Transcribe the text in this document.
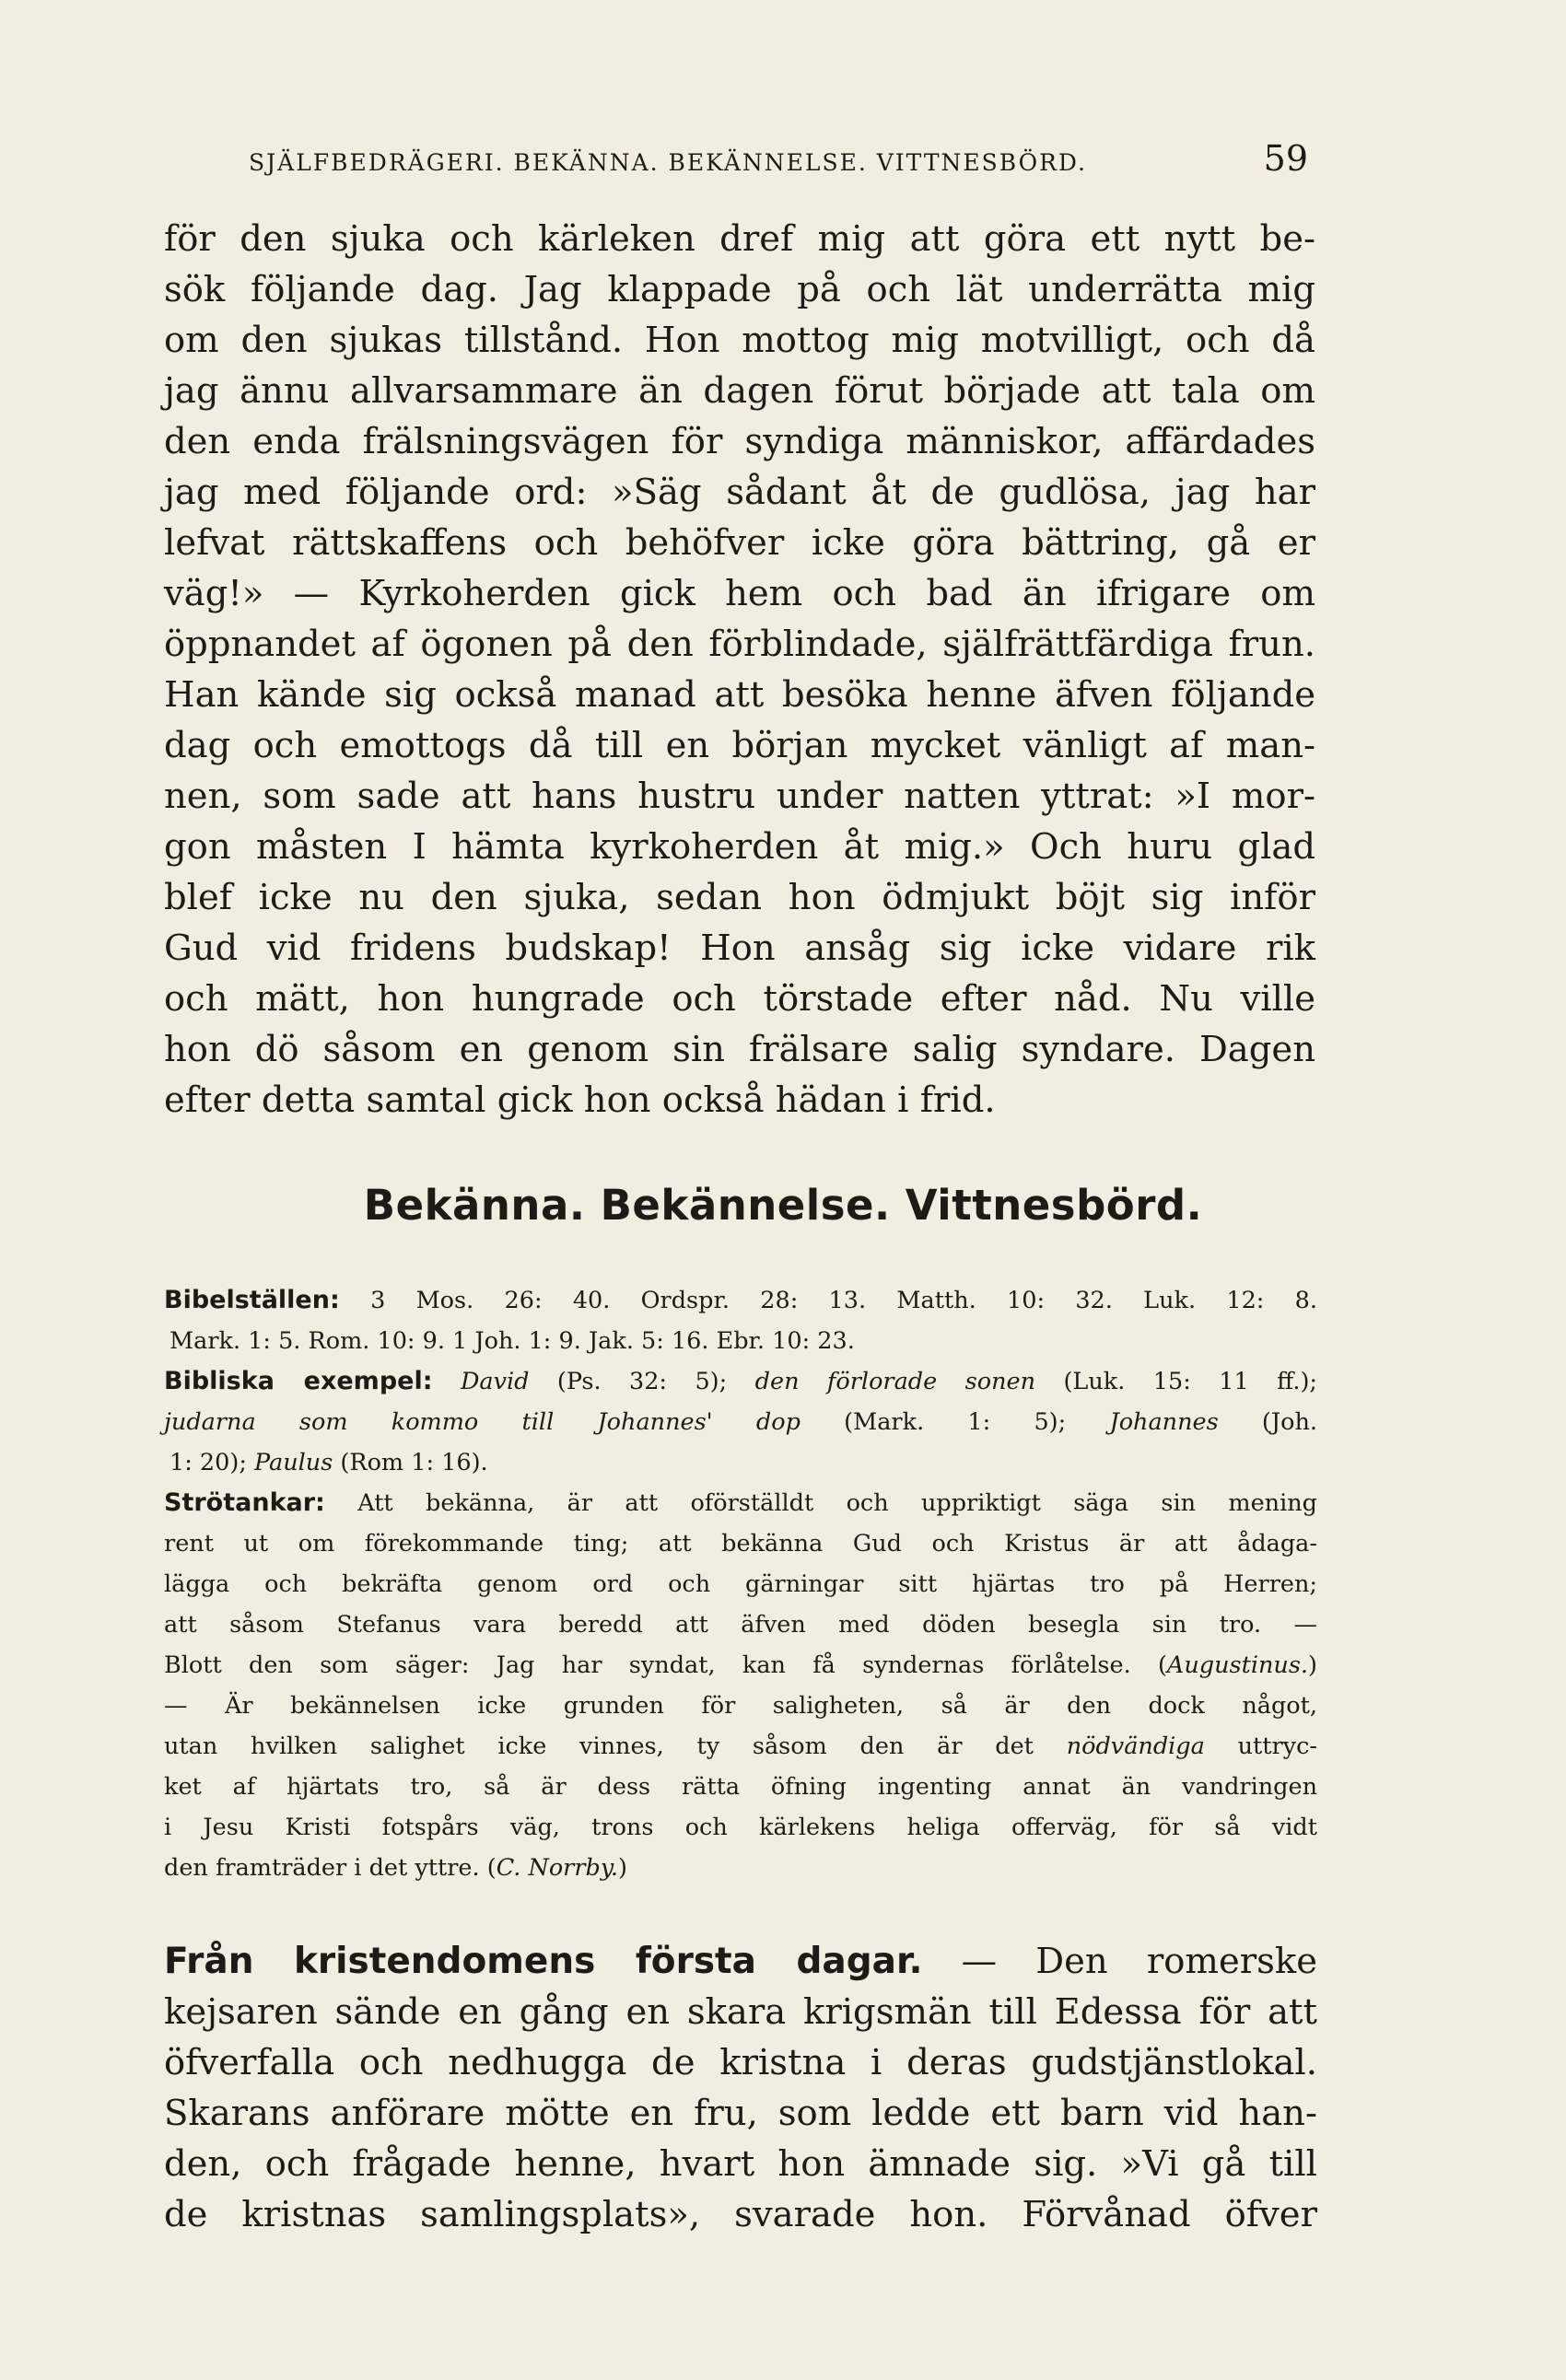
SJÄLFBEDRÄGERI. BEKÄNNA. BEKÄNNELSE. VITTNESBÖRD.	59
för den sjuka och kärleken dref mig att göra ett nytt be-
sök följande dag. Jag klappade på och lät underrätta mig
om den sjukas tillstånd. Hon mottog mig motvilligt, och då
jag ännu allvarsammare än dagen förut började att tala om
den enda frälsningsvägen för syndiga människor, affärdades
jag med följande ord: »Säg sådant åt de gudlösa, jag har
lefvat rättskaffens och behöfver icke göra bättring, gå er
väg!» — Kyrkoherden gick hem och bad än ifrigare om
öppnandet af ögonen på den förblindade, själfrättfärdiga frun.
Han kände sig också manad att besöka henne äfven följande
dag och emottogs då till en början mycket vänligt af man-
nen, som sade att hans hustru under natten yttrat: »I mor-
gon måsten I hämta kyrkoherden åt mig.» Och huru glad
blef icke nu den sjuka, sedan hon ödmjukt böjt sig inför
Gud vid fridens budskap! Hon ansåg sig icke vidare rik
och mätt, hon hungrade och törstade efter nåd. Nu ville
hon dö såsom en genom sin frälsare salig syndare. Dagen
efter detta samtal gick hon också hädan i frid.
Bekänna. Bekännelse. Vittnesbörd.
Bibelställen: 3 Mos. 26: 40. Ordspr. 28: 13. Matth. 10: 32. Luk. 12: 8.
Mark. 1: 5. Rom. 10: 9. 1 Joh. 1: 9. Jak. 5: 16. Ebr. 10: 23.
Bibliska exempel: David (Ps. 32: 5); den förlorade sonen (Luk. 15: 11 ff.);
judarna som kommo till Johannes' dop (Mark. 1: 5); Johannes (Joh.
1: 20); Paulus (Rom 1: 16).
Strötankar: Att bekänna, är att oförställdt och uppriktigt säga sin mening
rent ut om förekommande ting; att bekänna Gud och Kristus är att ådaga-
lägga och bekräfta genom ord och gärningar sitt hjärtas tro på Herren;
att såsom Stefanus vara beredd att äfven med döden besegla sin tro. —
Blott den som säger: Jag har syndat, kan få syndernas förlåtelse. (Augustinus.)
— Är bekännelsen icke grunden för saligheten, så är den dock något,
utan hvilken salighet icke vinnes, ty såsom den är det nödvändiga uttryc-
ket af hjärtats tro, så är dess rätta öfning ingenting annat än vandringen
i Jesu Kristi fotspårs väg, trons och kärlekens heliga offerväg, för så vidt
den framträder i det yttre. (C. Norrby.)
Från kristendomens första dagar. — Den romerske
kejsaren sände en gång en skara krigsmän till Edessa för att
öfverfalla och nedhugga de kristna i deras gudstjänstlokal.
Skarans anförare mötte en fru, som ledde ett barn vid han-
den, och frågade henne, hvart hon ämnade sig. »Vi gå till
de kristnas samlingsplats», svarade hon. Förvånad öfver
